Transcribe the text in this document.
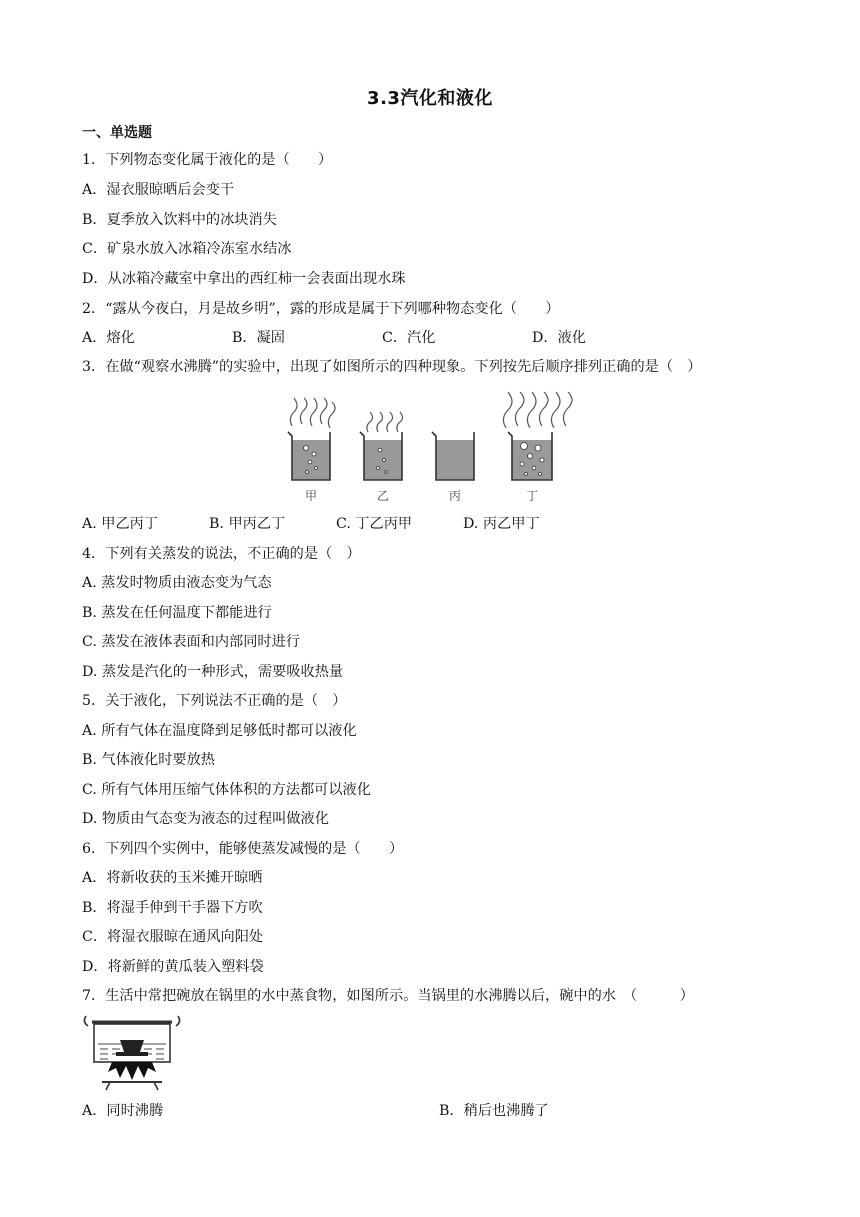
3.3汽化和液化
一、单选题
1．下列物态变化属于液化的是（　　）
A．湿衣服晾晒后会变干
B．夏季放入饮料中的冰块消失
C．矿泉水放入冰箱冷冻室水结冰
D．从冰箱冷藏室中拿出的西红柿一会表面出现水珠
2．“露从今夜白，月是故乡明”，露的形成是属于下列哪种物态变化（　　）
A．熔化	B．凝固	C．汽化	D．液化
3．在做“观察水沸腾”的实验中，出现了如图所示的四种现象。下列按先后顺序排列正确的是（　）
甲	乙	丙	丁
A. 甲乙丙丁	B. 甲丙乙丁	C. 丁乙丙甲	D. 丙乙甲丁
4．下列有关蒸发的说法，不正确的是（　）
A. 蒸发时物质由液态变为气态
B. 蒸发在任何温度下都能进行
C. 蒸发在液体表面和内部同时进行
D. 蒸发是汽化的一种形式，需要吸收热量
5．关于液化，下列说法不正确的是（　）
A. 所有气体在温度降到足够低时都可以液化
B. 气体液化时要放热
C. 所有气体用压缩气体体积的方法都可以液化
D. 物质由气态变为液态的过程叫做液化
6．下列四个实例中，能够使蒸发减慢的是（　　）
A．将新收获的玉米摊开晾晒
B．将湿手伸到干手器下方吹
C．将湿衣服晾在通风向阳处
D．将新鲜的黄瓜装入塑料袋
7．生活中常把碗放在锅里的水中蒸食物，如图所示。当锅里的水沸腾以后，碗中的水　（　　　）
A．同时沸腾	B．稍后也沸腾了
